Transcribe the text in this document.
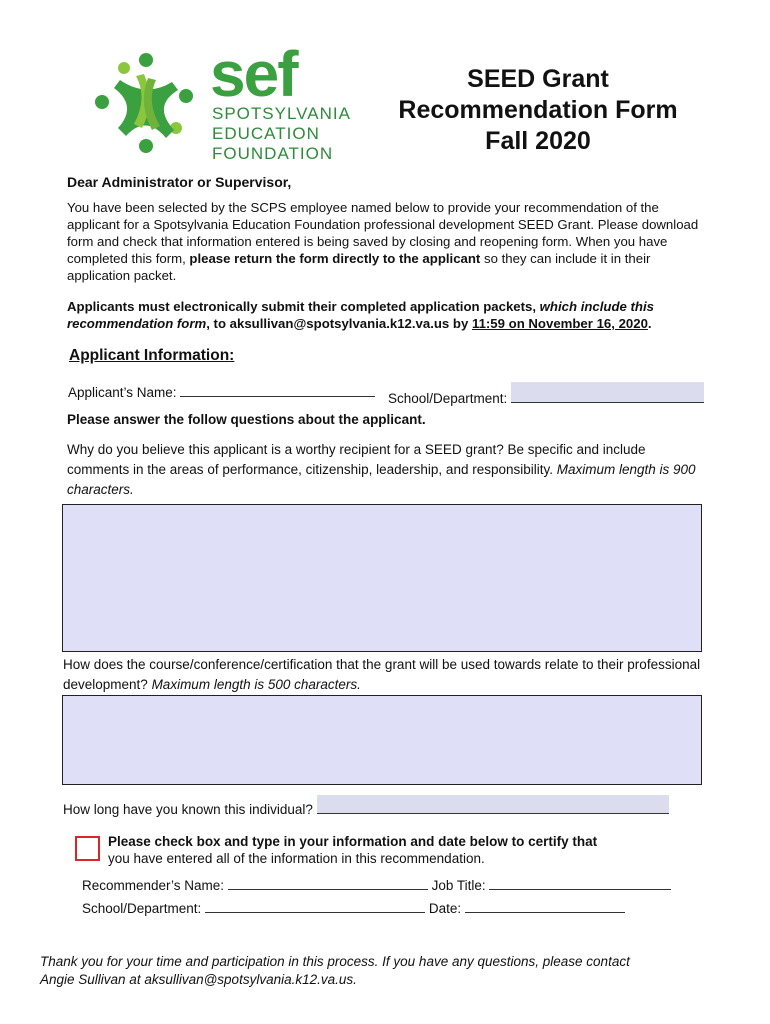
sef
SPOTSYLVANIA
EDUCATION
FOUNDATION
SEED Grant
Recommendation Form
Fall 2020
Dear Administrator or Supervisor,
You have been selected by the SCPS employee named below to provide your recommendation of the applicant for a Spotsylvania Education Foundation professional development SEED Grant. Please download form and check that information entered is being saved by closing and reopening form. When you have completed this form, please return the form directly to the applicant so they can include it in their application packet.
Applicants must electronically submit their completed application packets, which include this recommendation form, to aksullivan@spotsylvania.k12.va.us by 11:59 on November 16, 2020.
Applicant Information:
Applicant’s Name:	School/Department:
Please answer the follow questions about the applicant.
Why do you believe this applicant is a worthy recipient for a SEED grant? Be specific and include comments in the areas of performance, citizenship, leadership, and responsibility. Maximum length is 900 characters.
How does the course/conference/certification that the grant will be used towards relate to their professional development? Maximum length is 500 characters.
How long have you known this individual?
Please check box and type in your information and date below to certify that
you have entered all of the information in this recommendation.
Recommender’s Name:	Job Title:
School/Department:	Date:
Thank you for your time and participation in this process. If you have any questions, please contact
Angie Sullivan at aksullivan@spotsylvania.k12.va.us.
